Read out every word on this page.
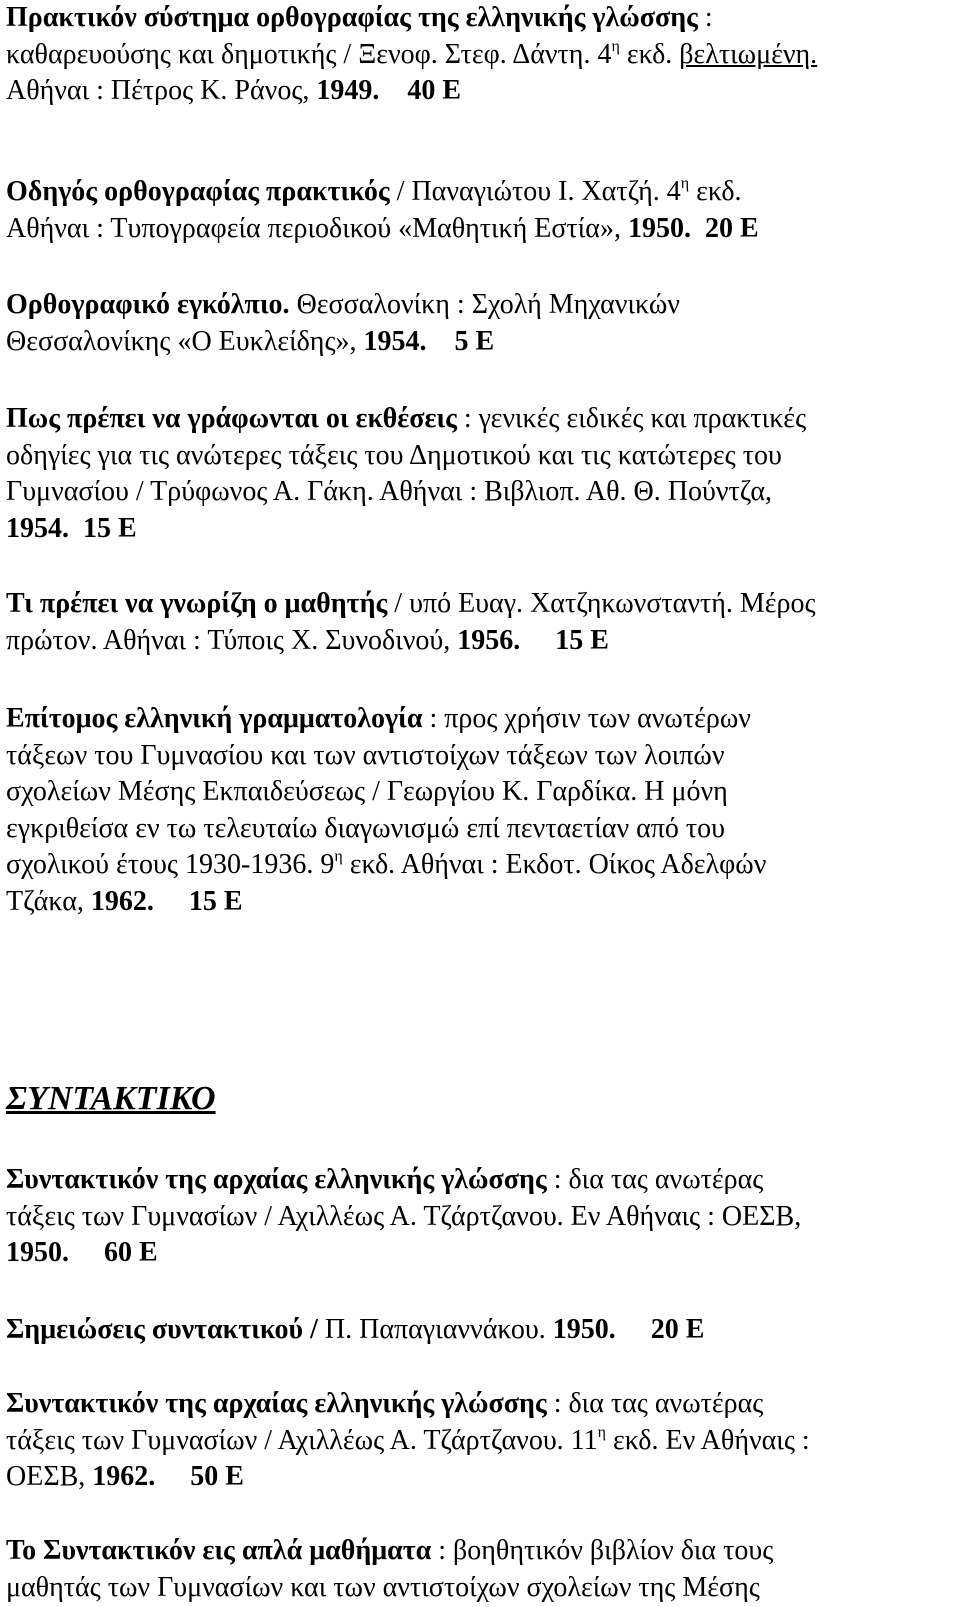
Πρακτικόν σύστημα ορθογραφίας της ελληνικής γλώσσης :
καθαρευούσης και δημοτικής / Ξενοφ. Στεφ. Δάντη. $4^\eta$ εκδ. βελτιωμένη.
Αθήναι : Πέτρος Κ. Ράνος, 1949. 40 Ε

Οδηγός ορθογραφίας πρακτικός / Παναγιώτου Ι. Χατζή. $4^\eta$ εκδ.
Αθήναι : Τυπογραφεία περιοδικού «Μαθητική Εστία», 1950. 20 Ε

Ορθογραφικό εγκόλπιο. Θεσσαλονίκη : Σχολή Μηχανικών
Θεσσαλονίκης «Ο Ευκλείδης», 1954. 5 Ε

Πως πρέπει να γράφωνται οι εκθέσεις : γενικές ειδικές και πρακτικές
οδηγίες για τις ανώτερες τάξεις του Δημοτικού και τις κατώτερες του
Γυμνασίου / Τρύφωνος Α. Γάκη. Αθήναι : Βιβλιοπ. Αθ. Θ. Πούντζα,
1954. 15 Ε

Τι πρέπει να γνωρίζη ο μαθητής / υπό Ευαγ. Χατζηκωνσταντή. Μέρος
πρώτον. Αθήναι : Τύποις Χ. Συνοδινού, 1956. 15 Ε

Επίτομος ελληνική γραμματολογία : προς χρήσιν των ανωτέρων
τάξεων του Γυμνασίου και των αντιστοίχων τάξεων των λοιπών
σχολείων Μέσης Εκπαιδεύσεως / Γεωργίου Κ. Γαρδίκα. Η μόνη
εγκριθείσα εν τω τελευταίω διαγωνισμώ επί πενταετίαν από του
σχολικού έτους 1930-1936. $9^\eta$ εκδ. Αθήναι : Εκδοτ. Οίκος Αδελφών
Τζάκα, 1962. 15 Ε

ΣΥΝΤΑΚΤΙΚΟ

Συντακτικόν της αρχαίας ελληνικής γλώσσης : δια τας ανωτέρας
τάξεις των Γυμνασίων / Αχιλλέως Α. Τζάρτζανου. Εν Αθήναις : ΟΕΣΒ,
1950. 60 Ε

Σημειώσεις συντακτικού / Π. Παπαγιαννάκου. 1950. 20 Ε

Συντακτικόν της αρχαίας ελληνικής γλώσσης : δια τας ανωτέρας
τάξεις των Γυμνασίων / Αχιλλέως Α. Τζάρτζανου. $11^\eta$ εκδ. Εν Αθήναις :
ΟΕΣΒ, 1962. 50 Ε

Το Συντακτικόν εις απλά μαθήματα : βοηθητικόν βιβλίον δια τους
μαθητάς των Γυμνασίων και των αντιστοίχων σχολείων της Μέσης
